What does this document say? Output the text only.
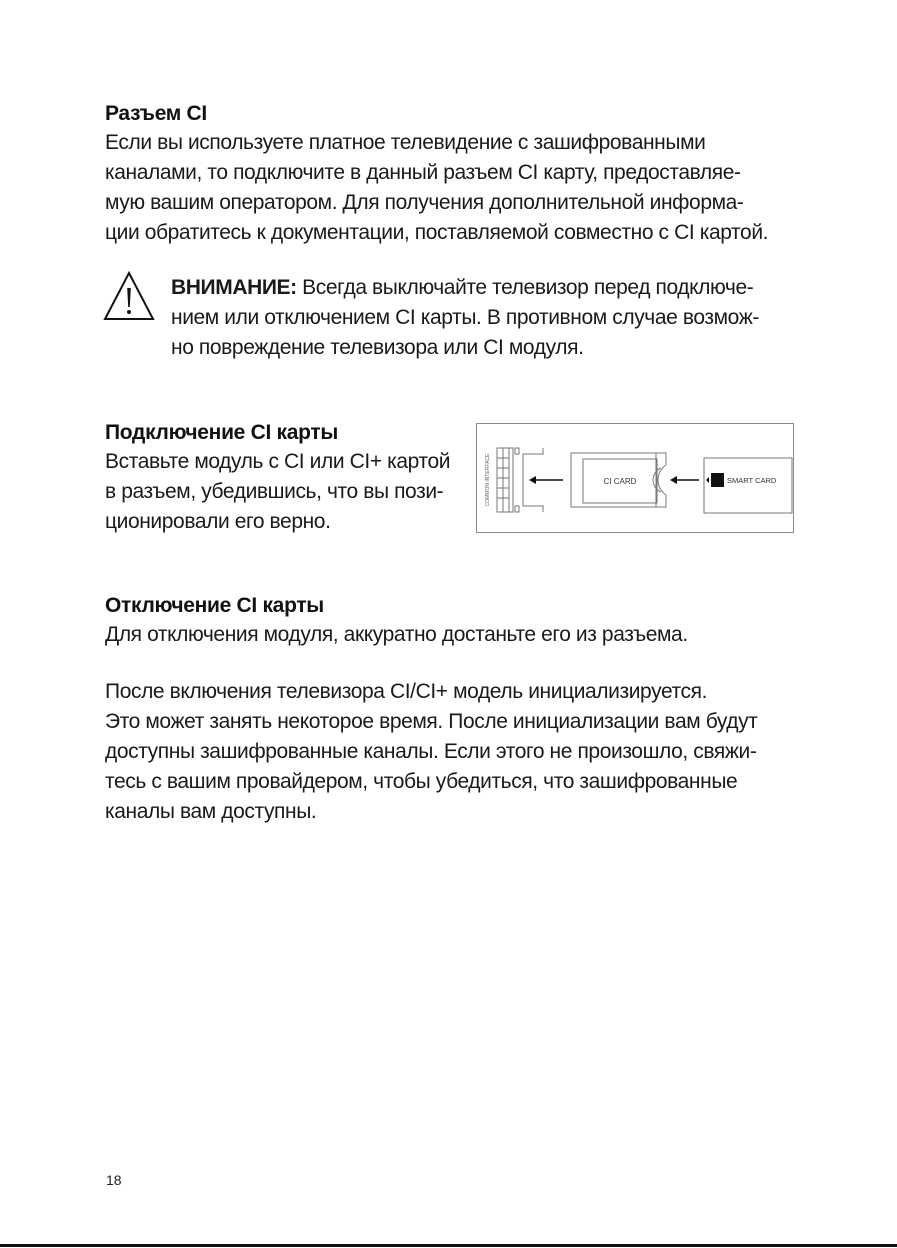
Разъем CI
Если вы используете платное телевидение с зашифрованными
каналами, то подключите в данный разъем CI карту, предоставляе-
мую вашим оператором. Для получения дополнительной информа-
ции обратитесь к документации, поставляемой совместно с CI картой.
ВНИМАНИЕ: Всегда выключайте телевизор перед подключе-
нием или отключением CI карты. В противном случае возмож-
но повреждение телевизора или CI модуля.
Подключение CI карты
Вставьте модуль с CI или CI+ картой
в разъем, убедившись, что вы пози-
ционировали его верно.
COMMON INTERFACE	CI CARD	SMART CARD
Отключение CI карты
Для отключения модуля, аккуратно достаньте его из разъема.
После включения телевизора CI/CI+ модель инициализируется.
Это может занять некоторое время. После инициализации вам будут
доступны зашифрованные каналы. Если этого не произошло, свяжи-
тесь с вашим провайдером, чтобы убедиться, что зашифрованные
каналы вам доступны.
18
